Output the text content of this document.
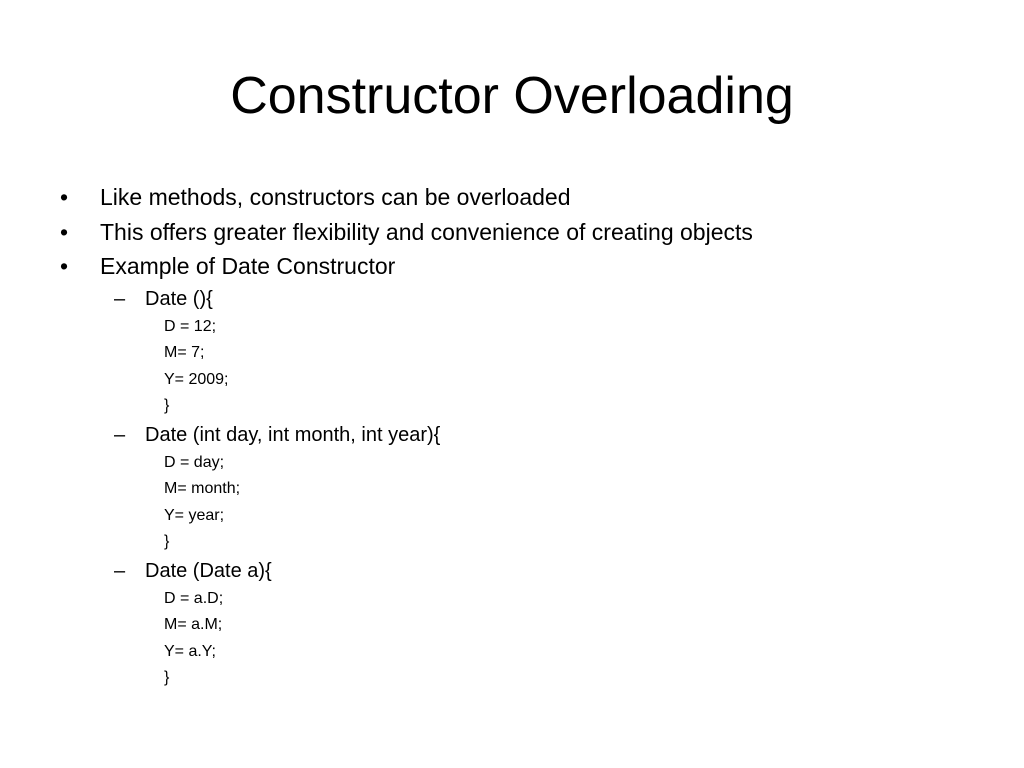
Constructor Overloading
•	Like methods, constructors can be overloaded
•	This offers greater flexibility and convenience of creating objects
•	Example of Date Constructor
– Date (){
D = 12;
M= 7;
Y= 2009;
}
– Date (int day, int month, int year){
D = day;
M= month;
Y= year;
}
– Date (Date a){
D = a.D;
M= a.M;
Y= a.Y;
}
